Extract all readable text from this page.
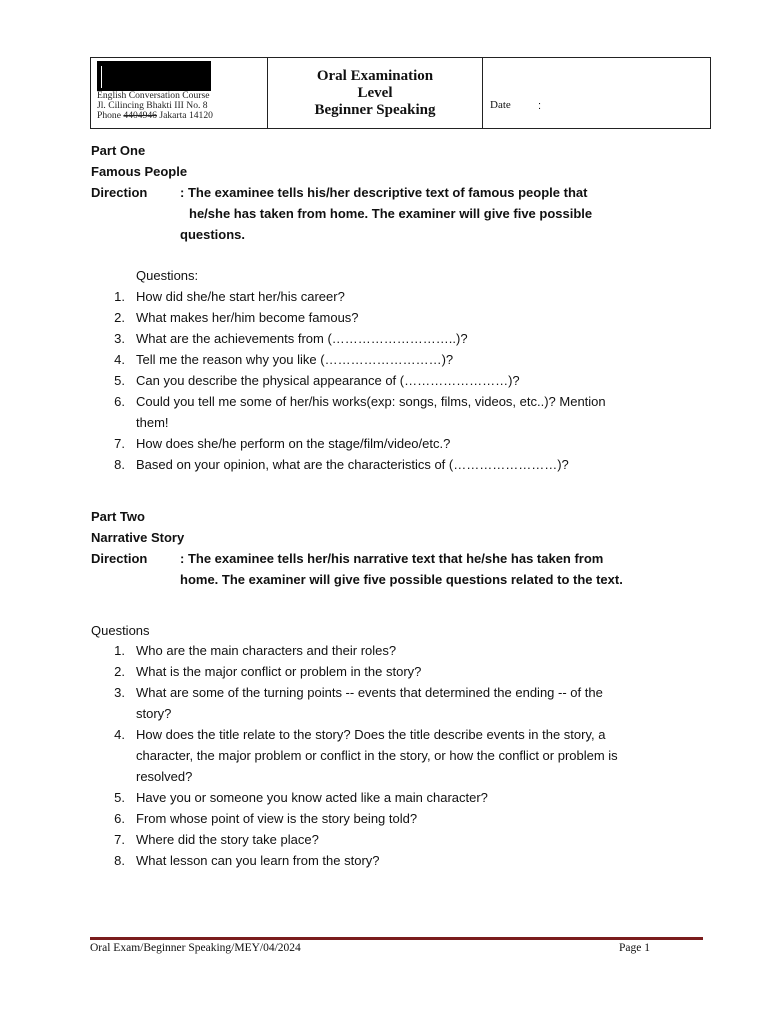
English Conversation Course
Jl. Cilincing Bhakti III No. 8
Phone 4404946 Jakarta 14120
Oral Examination
Level
Beginner Speaking	Date :
Part One
Famous People
Direction	: The examinee tells his/her descriptive text of famous people that
he/she has taken from home. The examiner will give five possible
questions.
Questions:
1. How did she/he start her/his career?
2. What makes her/him become famous?
3. What are the achievements from (………………………..)?
4. Tell me the reason why you like (………………………)?
5. Can you describe the physical appearance of (……………………)?
6. Could you tell me some of her/his works(exp: songs, films, videos, etc..)? Mention
them!
7. How does she/he perform on the stage/film/video/etc.?
8. Based on your opinion, what are the characteristics of (……………………)?
Part Two
Narrative Story
Direction	: The examinee tells her/his narrative text that he/she has taken from
home. The examiner will give five possible questions related to the text.
Questions
1. Who are the main characters and their roles?
2. What is the major conflict or problem in the story?
3. What are some of the turning points -- events that determined the ending -- of the
story?
4. How does the title relate to the story? Does the title describe events in the story, a
character, the major problem or conflict in the story, or how the conflict or problem is
resolved?
5. Have you or someone you know acted like a main character?
6. From whose point of view is the story being told?
7. Where did the story take place?
8. What lesson can you learn from the story?
Oral Exam/Beginner Speaking/MEY/04/2024	Page 1
